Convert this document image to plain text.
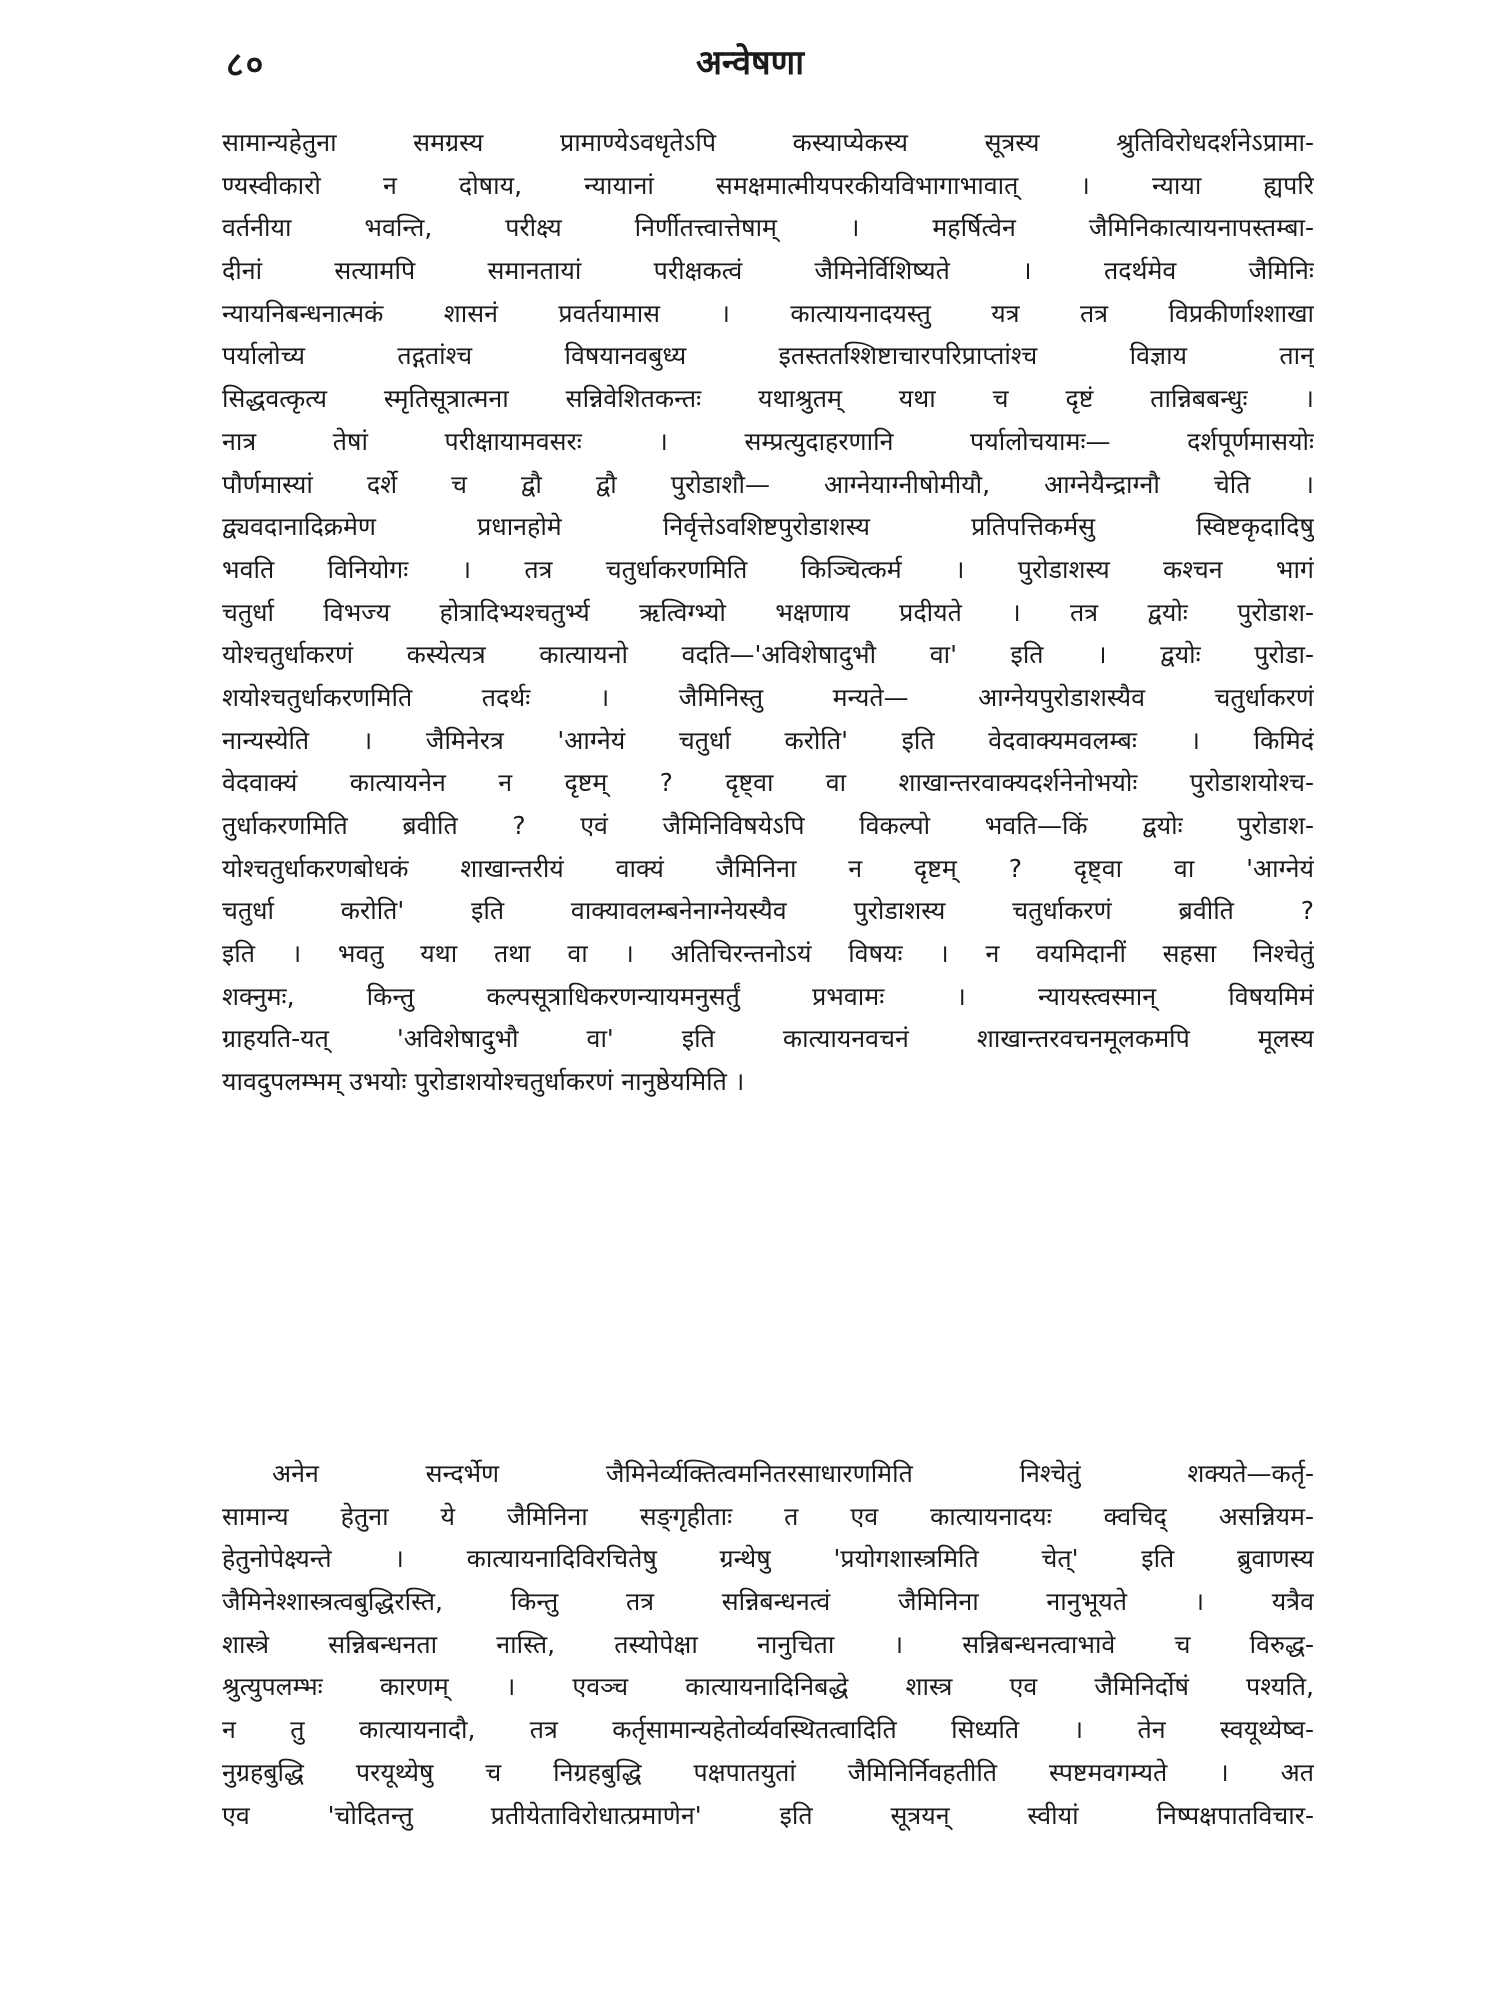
८०	अन्वेषणा
सामान्यहेतुना समग्रस्य प्रामाण्येऽवधृतेऽपि कस्याप्येकस्य सूत्रस्य श्रुतिविरोधदर्शनेऽप्रामा-
ण्यस्वीकारो न दोषाय, न्यायानां समक्षमात्मीयपरकीयविभागाभावात् । न्याया ह्यपरि
वर्तनीया भवन्ति, परीक्ष्य निर्णीतत्त्वात्तेषाम् । महर्षित्वेन जैमिनिकात्यायनापस्तम्बा-
दीनां सत्यामपि समानतायां परीक्षकत्वं जैमिनेर्विशिष्यते । तदर्थमेव जैमिनिः
न्यायनिबन्धनात्मकं शासनं प्रवर्तयामास । कात्यायनादयस्तु यत्र तत्र विप्रकीर्णाश्शाखा
पर्यालोच्य तद्गतांश्च विषयानवबुध्य इतस्ततश्शिष्टाचारपरिप्राप्तांश्च विज्ञाय तान्
सिद्धवत्कृत्य स्मृतिसूत्रात्मना सन्निवेशितकन्तः यथाश्रुतम् यथा च दृष्टं तान्निबबन्धुः ।
नात्र तेषां परीक्षायामवसरः । सम्प्रत्युदाहरणानि पर्यालोचयामः— दर्शपूर्णमासयोः
पौर्णमास्यां दर्शे च द्वौ द्वौ पुरोडाशौ— आग्नेयाग्नीषोमीयौ, आग्नेयैन्द्राग्नौ चेति ।
द्व्यवदानादिक्रमेण प्रधानहोमे निर्वृत्तेऽवशिष्टपुरोडाशस्य प्रतिपत्तिकर्मसु स्विष्टकृदादिषु
भवति विनियोगः । तत्र चतुर्धाकरणमिति किञ्चित्कर्म । पुरोडाशस्य कश्चन भागं
चतुर्धा विभज्य होत्रादिभ्यश्चतुर्भ्य ऋत्विग्भ्यो भक्षणाय प्रदीयते । तत्र द्वयोः पुरोडाश-
योश्चतुर्धाकरणं कस्येत्यत्र कात्यायनो वदति—'अविशेषादुभौ वा' इति । द्वयोः पुरोडा-
शयोश्चतुर्धाकरणमिति तदर्थः । जैमिनिस्तु मन्यते— आग्नेयपुरोडाशस्यैव चतुर्धाकरणं
नान्यस्येति । जैमिनेरत्र 'आग्नेयं चतुर्धा करोति' इति वेदवाक्यमवलम्बः । किमिदं
वेदवाक्यं कात्यायनेन न दृष्टम् ? दृष्ट्वा वा शाखान्तरवाक्यदर्शनेनोभयोः पुरोडाशयोश्च-
तुर्धाकरणमिति ब्रवीति ? एवं जैमिनिविषयेऽपि विकल्पो भवति—किं द्वयोः पुरोडाश-
योश्चतुर्धाकरणबोधकं शाखान्तरीयं वाक्यं जैमिनिना न दृष्टम् ? दृष्ट्वा वा 'आग्नेयं
चतुर्धा करोति' इति वाक्यावलम्बनेनाग्नेयस्यैव पुरोडाशस्य चतुर्धाकरणं ब्रवीति ?
इति । भवतु यथा तथा वा । अतिचिरन्तनोऽयं विषयः । न वयमिदानीं सहसा निश्चेतुं
शक्नुमः, किन्तु कल्पसूत्राधिकरणन्यायमनुसर्तुं प्रभवामः । न्यायस्त्वस्मान् विषयमिमं
ग्राहयति-यत् 'अविशेषादुभौ वा' इति कात्यायनवचनं शाखान्तरवचनमूलकमपि मूलस्य
यावदुपलम्भम् उभयोः पुरोडाशयोश्चतुर्धाकरणं नानुष्ठेयमिति ।
अनेन सन्दर्भेण जैमिनेर्व्यक्तित्वमनितरसाधारणमिति निश्चेतुं शक्यते—कर्तृ-
सामान्य हेतुना ये जैमिनिना सङ्गृहीताः त एव कात्यायनादयः क्वचिद् असन्नियम-
हेतुनोपेक्ष्यन्ते । कात्यायनादिविरचितेषु ग्रन्थेषु 'प्रयोगशास्त्रमिति चेत्' इति ब्रुवाणस्य
जैमिनेश्शास्त्रत्वबुद्धिरस्ति, किन्तु तत्र सन्निबन्धनत्वं जैमिनिना नानुभूयते । यत्रैव
शास्त्रे सन्निबन्धनता नास्ति, तस्योपेक्षा नानुचिता । सन्निबन्धनत्वाभावे च विरुद्ध-
श्रुत्युपलम्भः कारणम् । एवञ्च कात्यायनादिनिबद्धे शास्त्र एव जैमिनिर्दोषं पश्यति,
न तु कात्यायनादौ, तत्र कर्तृसामान्यहेतोर्व्यवस्थितत्वादिति सिध्यति । तेन स्वयूथ्येष्व-
नुग्रहबुद्धि परयूथ्येषु च निग्रहबुद्धि पक्षपातयुतां जैमिनिर्निवहतीति स्पष्टमवगम्यते । अत
एव 'चोदितन्तु प्रतीयेताविरोधात्प्रमाणेन' इति सूत्रयन् स्वीयां निष्पक्षपातविचार-
